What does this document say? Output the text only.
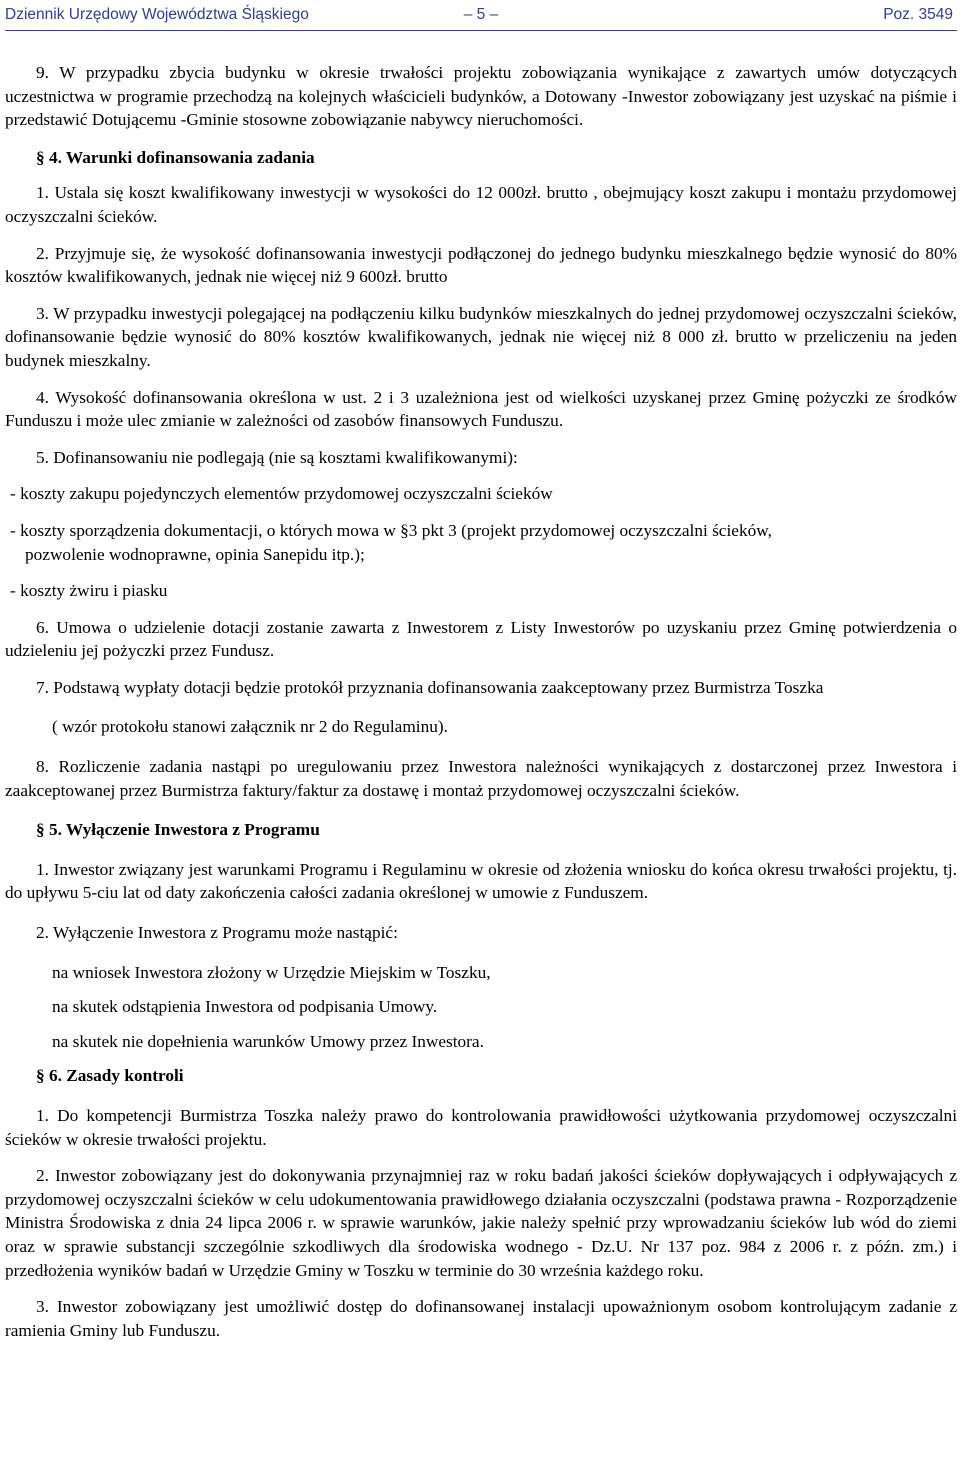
Dziennik Urzędowy Województwa Śląskiego	– 5 –	Poz. 3549

9. W przypadku zbycia budynku w okresie trwałości projektu zobowiązania wynikające z zawartych umów dotyczących uczestnictwa w programie przechodzą na kolejnych właścicieli budynków, a Dotowany -Inwestor zobowiązany jest uzyskać na piśmie i przedstawić Dotującemu -Gminie stosowne zobowiązanie nabywcy nieruchomości.

§ 4. Warunki dofinansowania zadania

1. Ustala się koszt kwalifikowany inwestycji w wysokości do 12 000zł. brutto , obejmujący koszt zakupu i montażu przydomowej oczyszczalni ścieków.

2. Przyjmuje się, że wysokość dofinansowania inwestycji podłączonej do jednego budynku mieszkalnego będzie wynosić do 80% kosztów kwalifikowanych, jednak nie więcej niż 9 600zł. brutto

3. W przypadku inwestycji polegającej na podłączeniu kilku budynków mieszkalnych do jednej przydomowej oczyszczalni ścieków, dofinansowanie będzie wynosić do 80% kosztów kwalifikowanych, jednak nie więcej niż 8 000 zł. brutto w przeliczeniu na jeden budynek mieszkalny.

4. Wysokość dofinansowania określona w ust. 2 i 3 uzależniona jest od wielkości uzyskanej przez Gminę pożyczki ze środków Funduszu i może ulec zmianie w zależności od zasobów finansowych Funduszu.

5. Dofinansowaniu nie podlegają (nie są kosztami kwalifikowanymi):

- koszty zakupu pojedynczych elementów przydomowej oczyszczalni ścieków

- koszty sporządzenia dokumentacji, o których mowa w §3 pkt 3 (projekt przydomowej oczyszczalni ścieków,

pozwolenie wodnoprawne, opinia Sanepidu itp.);

- koszty żwiru i piasku

6. Umowa o udzielenie dotacji zostanie zawarta z Inwestorem z Listy Inwestorów po uzyskaniu przez Gminę potwierdzenia o udzieleniu jej pożyczki przez Fundusz.

7. Podstawą wypłaty dotacji będzie protokół przyznania dofinansowania zaakceptowany przez Burmistrza Toszka

( wzór protokołu stanowi załącznik nr 2 do Regulaminu).

8. Rozliczenie zadania nastąpi po uregulowaniu przez Inwestora należności wynikających z dostarczonej przez Inwestora i zaakceptowanej przez Burmistrza faktury/faktur za dostawę i montaż przydomowej oczyszczalni ścieków.

§ 5. Wyłączenie Inwestora z Programu

1. Inwestor związany jest warunkami Programu i Regulaminu w okresie od złożenia wniosku do końca okresu trwałości projektu, tj. do upływu 5-ciu lat od daty zakończenia całości zadania określonej w umowie z Funduszem.

2. Wyłączenie Inwestora z Programu może nastąpić:

na wniosek Inwestora złożony w Urzędzie Miejskim w Toszku,

na skutek odstąpienia Inwestora od podpisania Umowy.

na skutek nie dopełnienia warunków Umowy przez Inwestora.

§ 6. Zasady kontroli

1. Do kompetencji Burmistrza Toszka należy prawo do kontrolowania prawidłowości użytkowania przydomowej oczyszczalni ścieków w okresie trwałości projektu.

2. Inwestor zobowiązany jest do dokonywania przynajmniej raz w roku badań jakości ścieków dopływających i odpływających z przydomowej oczyszczalni ścieków w celu udokumentowania prawidłowego działania oczyszczalni (podstawa prawna - Rozporządzenie Ministra Środowiska z dnia 24 lipca 2006 r. w sprawie warunków, jakie należy spełnić przy wprowadzaniu ścieków lub wód do ziemi oraz w sprawie substancji szczególnie szkodliwych dla środowiska wodnego - Dz.U. Nr 137 poz. 984 z 2006 r. z późn. zm.) i przedłożenia wyników badań w Urzędzie Gminy w Toszku w terminie do 30 września każdego roku.

3. Inwestor zobowiązany jest umożliwić dostęp do dofinansowanej instalacji upoważnionym osobom kontrolującym zadanie z ramienia Gminy lub Funduszu.
